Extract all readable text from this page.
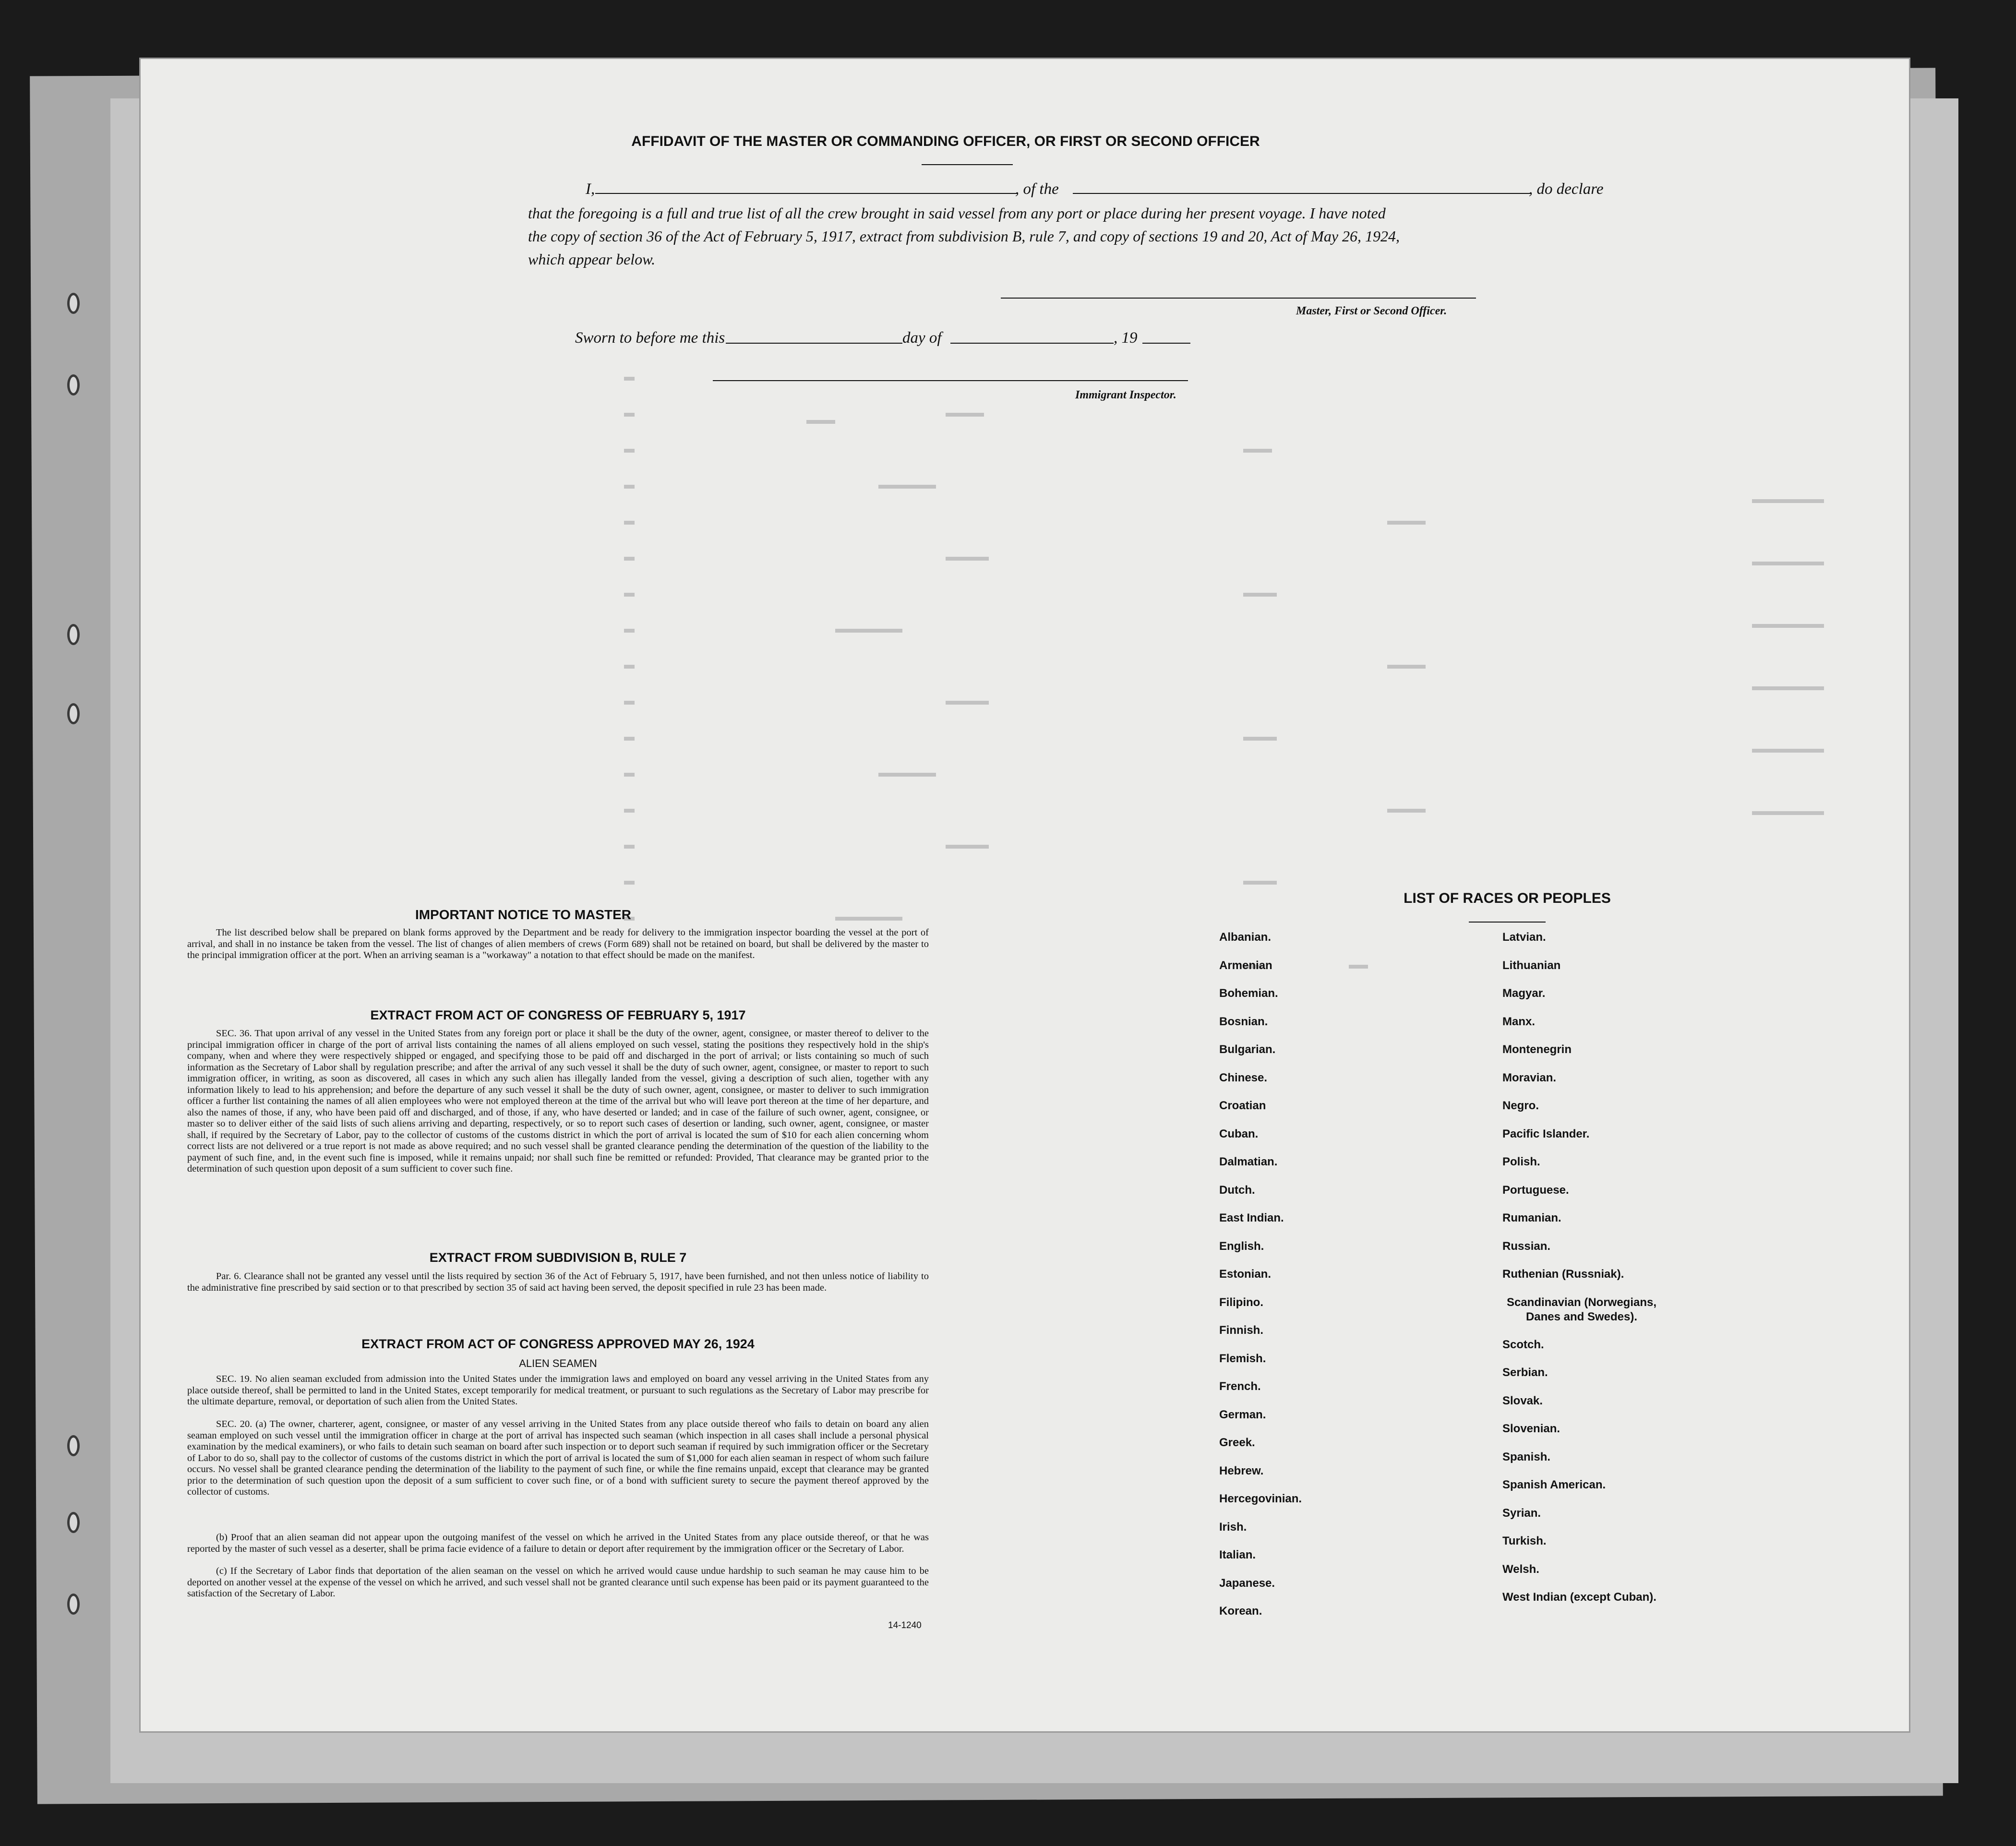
AFFIDAVIT OF THE MASTER OR COMMANDING OFFICER, OR FIRST OR SECOND OFFICER
I,	, of the	, do declare
that the foregoing is a full and true list of all the crew brought in said vessel from any port or place during her present voyage. I have noted
the copy of section 36 of the Act of February 5, 1917, extract from subdivision B, rule 7, and copy of sections 19 and 20, Act of May 26, 1924,
which appear below.
Master, First or Second Officer.
Sworn to before me this	day of	, 19
Immigrant Inspector.
IMPORTANT NOTICE TO MASTER
The list described below shall be prepared on blank forms approved by the Department and be ready for delivery to the immigration inspector boarding the vessel at the port of arrival, and shall in no instance be taken from the vessel. The list of changes of alien members of crews (Form 689) shall not be retained on board, but shall be delivered by the master to the principal immigration officer at the port. When an arriving seaman is a "workaway" a notation to that effect should be made on the manifest.
EXTRACT FROM ACT OF CONGRESS OF FEBRUARY 5, 1917
SEC. 36. That upon arrival of any vessel in the United States from any foreign port or place it shall be the duty of the owner, agent, consignee, or master thereof to deliver to the principal immigration officer in charge of the port of arrival lists containing the names of all aliens employed on such vessel, stating the positions they respectively hold in the ship's company, when and where they were respectively shipped or engaged, and specifying those to be paid off and discharged in the port of arrival; or lists containing so much of such information as the Secretary of Labor shall by regulation prescribe; and after the arrival of any such vessel it shall be the duty of such owner, agent, consignee, or master to report to such immigration officer, in writing, as soon as discovered, all cases in which any such alien has illegally landed from the vessel, giving a description of such alien, together with any information likely to lead to his apprehension; and before the departure of any such vessel it shall be the duty of such owner, agent, consignee, or master to deliver to such immigration officer a further list containing the names of all alien employees who were not employed thereon at the time of the arrival but who will leave port thereon at the time of her departure, and also the names of those, if any, who have been paid off and discharged, and of those, if any, who have deserted or landed; and in case of the failure of such owner, agent, consignee, or master so to deliver either of the said lists of such aliens arriving and departing, respectively, or so to report such cases of desertion or landing, such owner, agent, consignee, or master shall, if required by the Secretary of Labor, pay to the collector of customs of the customs district in which the port of arrival is located the sum of $10 for each alien concerning whom correct lists are not delivered or a true report is not made as above required; and no such vessel shall be granted clearance pending the determination of the question of the liability to the payment of such fine, and, in the event such fine is imposed, while it remains unpaid; nor shall such fine be remitted or refunded: Provided, That clearance may be granted prior to the determination of such question upon deposit of a sum sufficient to cover such fine.
EXTRACT FROM SUBDIVISION B, RULE 7
Par. 6. Clearance shall not be granted any vessel until the lists required by section 36 of the Act of February 5, 1917, have been furnished, and not then unless notice of liability to the administrative fine prescribed by said section or to that prescribed by section 35 of said act having been served, the deposit specified in rule 23 has been made.
EXTRACT FROM ACT OF CONGRESS APPROVED MAY 26, 1924
ALIEN SEAMEN
SEC. 19. No alien seaman excluded from admission into the United States under the immigration laws and employed on board any vessel arriving in the United States from any place outside thereof, shall be permitted to land in the United States, except temporarily for medical treatment, or pursuant to such regulations as the Secretary of Labor may prescribe for the ultimate departure, removal, or deportation of such alien from the United States.
SEC. 20. (a) The owner, charterer, agent, consignee, or master of any vessel arriving in the United States from any place outside thereof who fails to detain on board any alien seaman employed on such vessel until the immigration officer in charge at the port of arrival has inspected such seaman (which inspection in all cases shall include a personal physical examination by the medical examiners), or who fails to detain such seaman on board after such inspection or to deport such seaman if required by such immigration officer or the Secretary of Labor to do so, shall pay to the collector of customs of the customs district in which the port of arrival is located the sum of $1,000 for each alien seaman in respect of whom such failure occurs. No vessel shall be granted clearance pending the determination of the liability to the payment of such fine, or while the fine remains unpaid, except that clearance may be granted prior to the determination of such question upon the deposit of a sum sufficient to cover such fine, or of a bond with sufficient surety to secure the payment thereof approved by the collector of customs.
(b) Proof that an alien seaman did not appear upon the outgoing manifest of the vessel on which he arrived in the United States from any place outside thereof, or that he was reported by the master of such vessel as a deserter, shall be prima facie evidence of a failure to detain or deport after requirement by the immigration officer or the Secretary of Labor.
(c) If the Secretary of Labor finds that deportation of the alien seaman on the vessel on which he arrived would cause undue hardship to such seaman he may cause him to be deported on another vessel at the expense of the vessel on which he arrived, and such vessel shall not be granted clearance until such expense has been paid or its payment guaranteed to the satisfaction of the Secretary of Labor.
14-1240
LIST OF RACES OR PEOPLES
Albanian.
Armenian
Bohemian.
Bosnian.
Bulgarian.
Chinese.
Croatian
Cuban.
Dalmatian.
Dutch.
East Indian.
English.
Estonian.
Filipino.
Finnish.
Flemish.
French.
German.
Greek.
Hebrew.
Hercegovinian.
Irish.
Italian.
Japanese.
Korean.
Latvian.
Lithuanian
Magyar.
Manx.
Montenegrin
Moravian.
Negro.
Pacific Islander.
Polish.
Portuguese.
Rumanian.
Russian.
Ruthenian (Russniak).
Scandinavian (Norwegians, Danes and Swedes).
Scotch.
Serbian.
Slovak.
Slovenian.
Spanish.
Spanish American.
Syrian.
Turkish.
Welsh.
West Indian (except Cuban).
